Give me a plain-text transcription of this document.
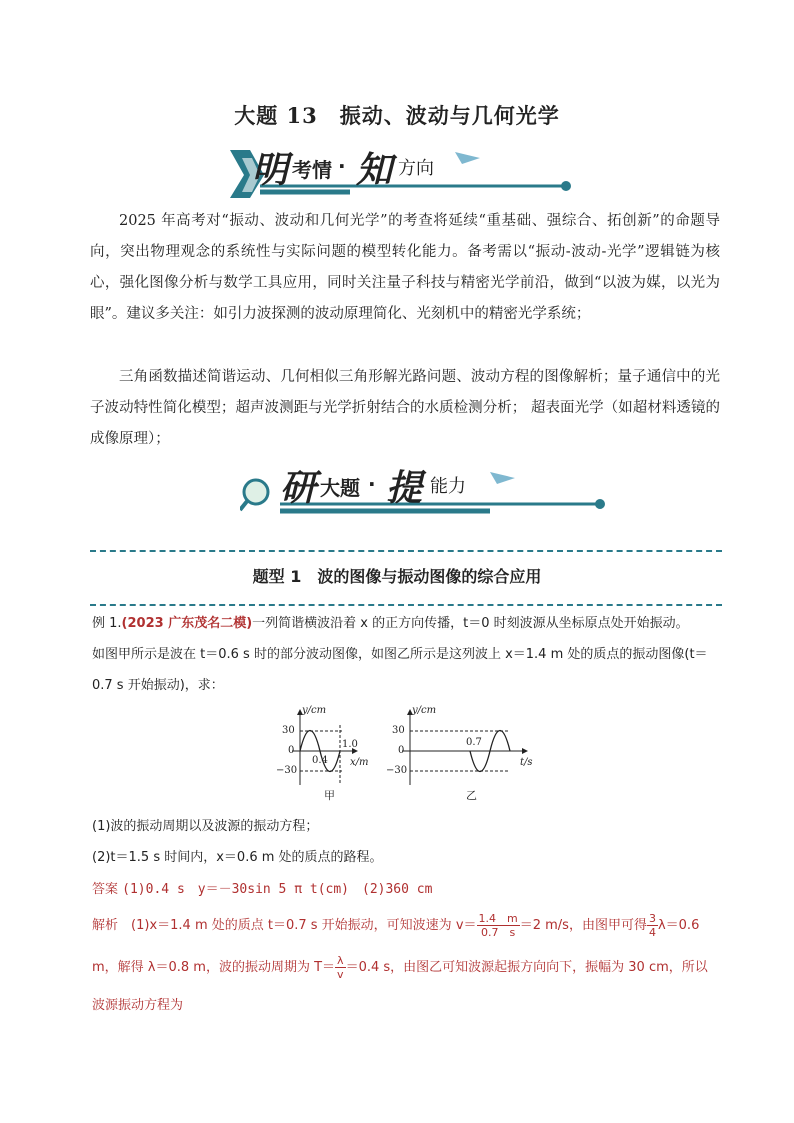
大题 13　振动、波动与几何光学
明 考情 · 知 方向
2025 年高考对“振动、波动和几何光学”的考查将延续“重基础、强综合、拓创新”的命题导向，突出物理观念的系统性与实际问题的模型转化能力。备考需以“振动-波动-光学”逻辑链为核心，强化图像分析与数学工具应用，同时关注量子科技与精密光学前沿，做到“以波为媒，以光为眼”。建议多关注：如引力波探测的波动原理简化、光刻机中的精密光学系统；
三角函数描述简谐运动、几何相似三角形解光路问题、波动方程的图像解析；量子通信中的光子波动特性简化模型；超声波测距与光学折射结合的水质检测分析； 超表面光学（如超材料透镜的成像原理）；
研 大题 · 提 能力
题型 1　波的图像与振动图像的综合应用
例 1.(2023 广东茂名二模)一列简谐横波沿着 x 的正方向传播，t＝0 时刻波源从坐标原点处开始振动。
如图甲所示是波在 t＝0.6 s 时的部分波动图像，如图乙所示是这列波上 x＝1.4 m 处的质点的振动图像(t＝
0.7 s 开始振动)，求：
y/cm
30
0
−30
0.4
1.0
x/m
甲
y/cm
30
0
−30
0.7
t/s
乙
(1)波的振动周期以及波源的振动方程；
(2)t＝1.5 s 时间内，x＝0.6 m 处的质点的路程。
答案 (1)0.4 s　y＝－30sin 5 π t(cm)　(2)360 cm
解析　 (1)x＝1.4 m 处的质点 t＝0.7 s 开始振动，可知波速为 $v= \frac{1.4 m}{0.7 s} =2$ m/s，由图甲可得 $\frac{3}{4} \lambda=0.6$
m，解得 λ＝0.8 m，波的振动周期为 $T= \frac{\lambda}{v} =0.4$ s，由图乙可知波源起振方向向下，振幅为 30 cm，所以
波源振动方程为
